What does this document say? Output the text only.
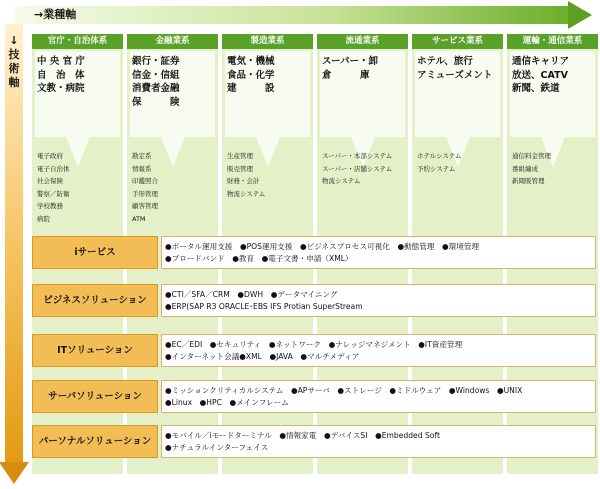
→業種軸
↓技術軸
官庁・自治体系
中 央 官 庁
自　治　体
文教・病院
電子政府
電子自治体
社会保険
警察／防衛
学校教務
病院
金融業系
銀行・証券
信金・信組
消費者金融
保　　　険
勘定系
情報系
印鑑照合
手形管理
顧客管理
ATM
製造業系
電気・機械
食品・化学
建　　　設
生産管理
販売管理
財務・会計
物流システム
流通業系
スーパー・卸
倉　　　庫
スーパー・本部システム
スーパー・店舗システム
物流システム
サービス業系
ホテル、旅行
アミューズメント
ホテルシステム
予約システム
運輸・通信業系
通信キャリア
放送、CATV
新聞、鉄道
通信料金管理
番組編成
新聞販管理
iサービス
●ポータル運用支援　●POS運用支援　●ビジネスプロセス可視化　●動態管理　●環境管理
●ブロードバンド　●教育　●電子文書・申請（XML）
ビジネスソリューション
●CTI／SFA／CRM　●DWH　●データマイニング
●ERP(SAP R3 ORACLE･EBS IFS Protian SuperStream
ITソリューション
●EC／EDI　●セキュリティ　●ネットワーク　●ナレッジマネジメント　●IT資産管理
●インターネット会議●XML　●JAVA　●マルチメディア
サーバソリューション
●ミッションクリティカルシステム　●APサーバ　●ストレージ　●ミドルウェア　●Windows　●UNIX
●Linux　●HPC　●メインフレーム
パーソナルソリューション
●モバイル／iモードターミナル　●情報家電　●デバイスSI　●Embedded Soft
●ナチュラルインターフェイス
